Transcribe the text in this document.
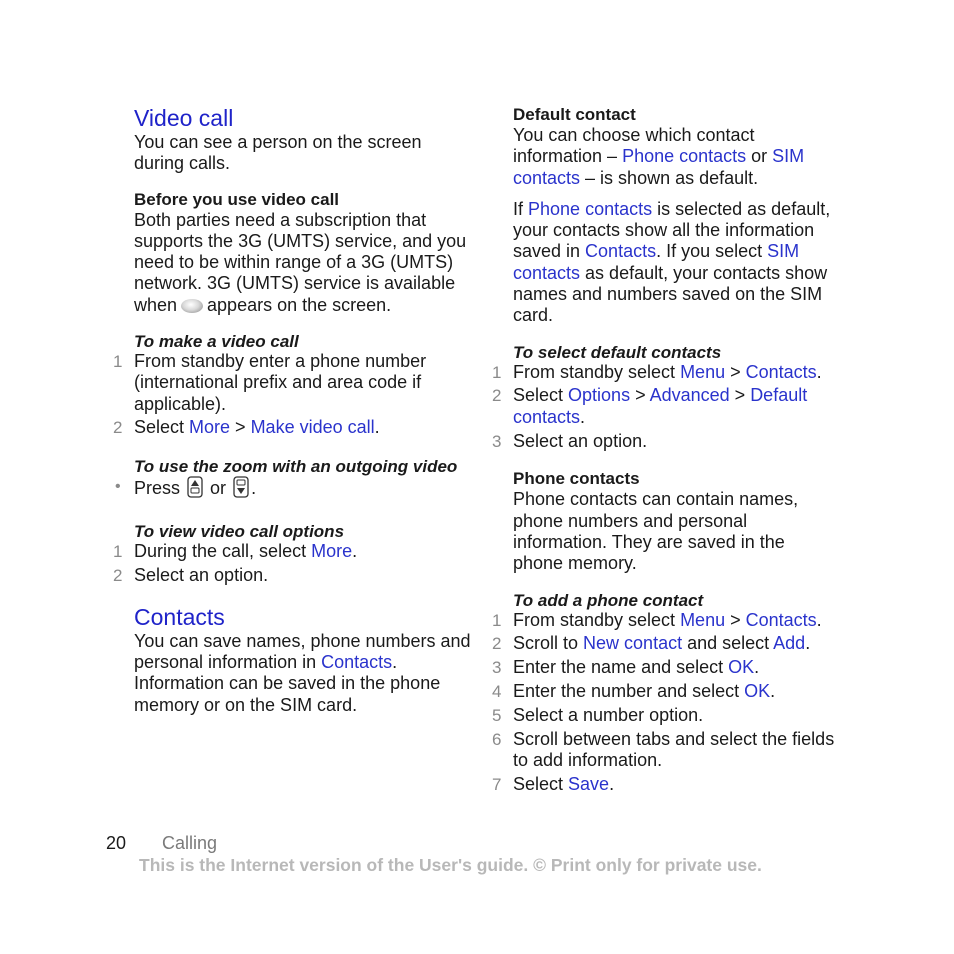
Video call

You can see a person on the screen during calls.

Before you use video call

Both parties need a subscription that supports the 3G (UMTS) service, and you need to be within range of a 3G (UMTS) network. 3G (UMTS) service is available when appears on the screen.

To make a video call
1 From standby enter a phone number (international prefix and area code if applicable).
2 Select More > Make video call.
To use the zoom with an outgoing video
• Press or .
To view video call options
1 During the call, select More.
2 Select an option.
Contacts

You can save names, phone numbers and personal information in Contacts. Information can be saved in the phone memory or on the SIM card.

Default contact

You can choose which contact information – Phone contacts or SIM contacts – is shown as default.

If Phone contacts is selected as default, your contacts show all the information saved in Contacts. If you select SIM contacts as default, your contacts show names and numbers saved on the SIM card.

To select default contacts
1 From standby select Menu > Contacts.
2 Select Options > Advanced > Default contacts.
3 Select an option.
Phone contacts

Phone contacts can contain names, phone numbers and personal information. They are saved in the phone memory.

To add a phone contact
1 From standby select Menu > Contacts.
2 Scroll to New contact and select Add.
3 Enter the name and select OK.
4 Enter the number and select OK.
5 Select a number option.
6 Scroll between tabs and select the fields to add information.
7 Select Save.
20 Calling
This is the Internet version of the User's guide. © Print only for private use.
